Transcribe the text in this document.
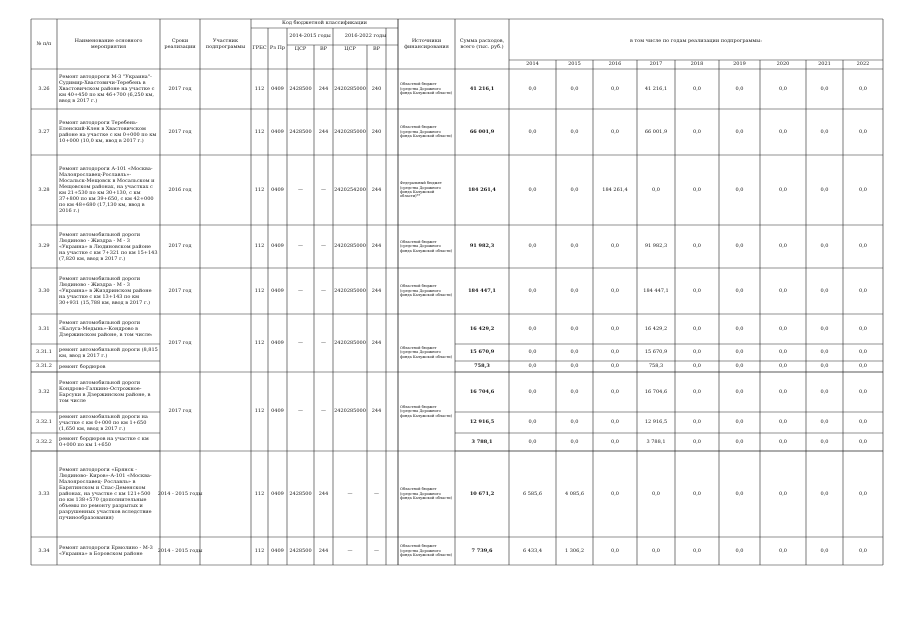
№ п/п	Наименование основного мероприятия
Сроки реализации
Участник подпрограммы
Код бюджетной классификации
ГРБС Рз Пр
2014-2015 годы	2016-2022 годы
ЦСР	ВР	ЦСР	ВР
Источники финансирования
Сумма расходов, всего (тыс. руб.)
в том числе по годам реализации подпрограммы:
2014	2015	2016	2017	2018	2019	2020	2021	2022
3.26
Ремонт автодороги М-3 "Украина"-Судимир-Хвастовичи-Теребень в Хвастовичском районе на участке с км 40+450 по км 46+700 (6,250 км, ввод в 2017 г.)
2017 год	112	0409	2428500	244	2420285000	240
Областной бюджет (средства Дорожного фонда Калужской области)
41 216,1	0,0	0,0	0,0	41 216,1	0,0	0,0	0,0	0,0	0,0
3.27
Ремонт автодороги Теребень-Еленский-Клен в Хвастовичском районе на участке с км 0+000 по км 10+000 (10,0 км, ввод в 2017 г.)
2017 год	112	0409	2428500	244	2420285000	240
Областной бюджет (средства Дорожного фонда Калужской области)
66 001,9	0,0	0,0	0,0	66 001,9	0,0	0,0	0,0	0,0	0,0
3.28
Ремонт автодороги А-101 «Москва-Малоярославец-Рославль»-Мосальск-Мещовск в Мосальском и Мещовском районах, на участках с км 21+530 по км 30+130, с км 37+800 по км 39+650, с км 42+000 по км 48+680 (17,130 км, ввод в 2016 г.)
2016 год	112	0409	—	—	2420254200	244
Федеральный бюджет (средства Дорожного фонда Калужской области)**
184 261,4	0,0	0,0	184 261,4	0,0	0,0	0,0	0,0	0,0	0,0
3.29
Ремонт автомобильной дороги Людиново - Жиздра - М - 3 «Украина» в Людиновском районе на участке с км 7+321 по км 15+143 (7,820 км, ввод в 2017 г.)
2017 год	112	0409	—	—	2420285000	244
Областной бюджет (средства Дорожного фонда Калужской области)
91 982,3	0,0	0,0	0,0	91 982,3	0,0	0,0	0,0	0,0	0,0
3.30
Ремонт автомобильной дороги Людиново - Жиздра - М - 3 «Украина» в Жиздринском районе на участке с км 13+143 по км 30+931 (15,788 км, ввод в 2017 г.)
2017 год	112	0409	—	—	2420285000	244
Областной бюджет (средства Дорожного фонда Калужской области)
184 447,1	0,0	0,0	0,0	184 447,1	0,0	0,0	0,0	0,0	0,0
3.31
Ремонт автомобильной дороги «Калуга-Медынь»-Кондрово в Дзержинском районе, в том числе:
2017 год	112	0409	—	—	2420285000	244
Областной бюджет (средства Дорожного фонда Калужской области)
16 429,2	0,0	0,0	0,0	16 429,2	0,0	0,0	0,0	0,0	0,0
3.31.1	ремонт автомобильной дороги (8,815 км, ввод в 2017 г.)
15 670,9	0,0	0,0	0,0	15 670,9	0,0	0,0	0,0	0,0	0,0
3.31.2	ремонт бордюров	758,3	0,0	0,0	0,0	758,3	0,0	0,0	0,0	0,0	0,0
3.32
Ремонт автомобильной дороги Кондрово-Галкино-Острожное-Барсуки в Дзержинском районе, в том числе
2017 год	112	0409	—	—	2420285000	244
Областной бюджет (средства Дорожного фонда Калужской области)
16 704,6	0,0	0,0	0,0	16 704,6	0,0	0,0	0,0	0,0	0,0
3.32.1
ремонт автомобильной дороги на участке с км 0+000 по км 1+650 (1,650 км, ввод в 2017 г.)
12 916,5	0,0	0,0	0,0	12 916,5	0,0	0,0	0,0	0,0	0,0
3.32.2	ремонт бордюров на участке с км 0+000 по км 1+650
3 788,1	0,0	0,0	0,0	3 788,1	0,0	0,0	0,0	0,0	0,0
3.33
Ремонт автодороги «Брянск - Людиново- Киров»-А-101 «Москва-Малоярославец- Рославль» в Барятинском и Спас-Деменском районах, на участке с км 121+500 по км 138+570 (дополнительные объемы по ремонту разрытых и разрушенных участков вследствие пучинообразования)
2014 - 2015 годы	112	0409	2428500	244	—	—
Областной бюджет (средства Дорожного фонда Калужской области)
10 671,2	6 585,6	4 085,6	0,0	0,0	0,0	0,0	0,0	0,0	0,0
3.34	Ремонт автодороги Ермолино - М-3 «Украина» в Боровском районе
2014 - 2015 годы	112	0409	2428500	244	—	—
Областной бюджет (средства Дорожного фонда Калужской области)
7 739,6	6 433,4	1 306,2	0,0	0,0	0,0	0,0	0,0	0,0	0,0
